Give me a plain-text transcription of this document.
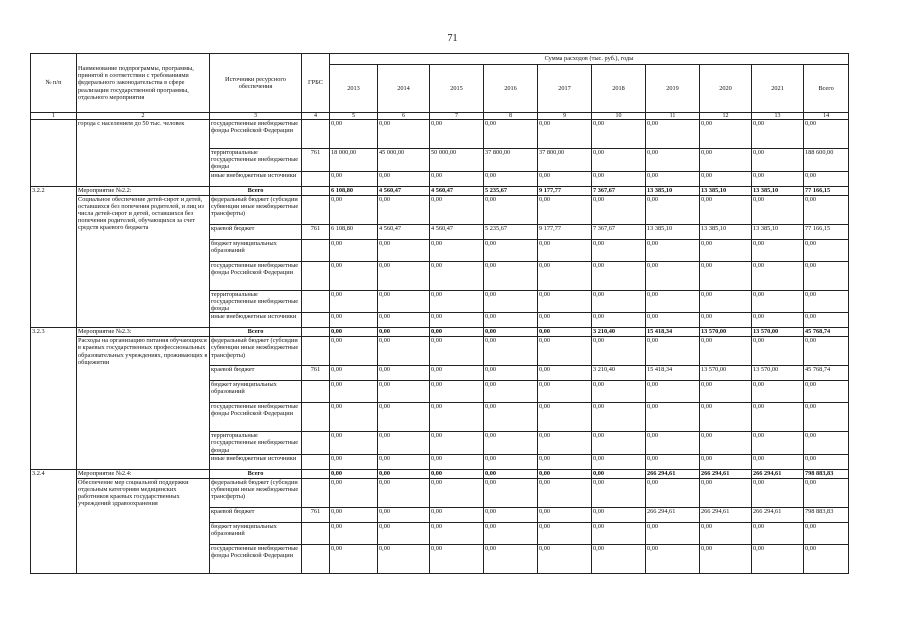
71
№ п/п	Наименование подпрограммы, программы, принятой в соответствии с требованиями федерального законодательства в сфере реализации государственной программы, отдельного мероприятия	Источники ресурсного обеспечения	ГРБС	Сумма расходов (тыс. руб.), годы									
				2013	2014	2015	2016	2017	2018	2019	2020	2021	Всего
1	2	3	4	5	6	7	8	9	10	11	12	13	14
	города с населением до 50 тыс. человек	государственные внебюджетные фонды Российской Федерации		0,00	0,00	0,00	0,00	0,00	0,00	0,00	0,00	0,00	0,00
		территориальные государственные внебюджетные фонды	761	18 000,00	45 000,00	50 000,00	37 800,00	37 800,00	0,00	0,00	0,00	0,00	188 600,00
		иные внебюджетные источники		0,00	0,00	0,00	0,00	0,00	0,00	0,00	0,00	0,00	0,00
3.2.2	Мероприятие №2.2:	Всего		6 108,80	4 560,47	4 560,47	5 235,67	9 177,77	7 367,67	13 385,10	13 385,10	13 385,10	77 166,15
	Социальное обеспечение детей-сирот и детей, оставшихся без попечения родителей, и лиц из числа детей-сирот и детей, оставшихся без попечения родителей, обучающихся за счет средств краевого бюджета	федеральный бюджет (субсидии субвенции иные межбюджетные трансферты)		0,00	0,00	0,00	0,00	0,00	0,00	0,00	0,00	0,00	0,00
		краевой бюджет	761	6 108,80	4 560,47	4 560,47	5 235,67	9 177,77	7 367,67	13 385,10	13 385,10	13 385,10	77 166,15
		бюджет муниципальных образований		0,00	0,00	0,00	0,00	0,00	0,00	0,00	0,00	0,00	0,00
		государственные внебюджетные фонды Российской Федерации		0,00	0,00	0,00	0,00	0,00	0,00	0,00	0,00	0,00	0,00
		территориальные государственные внебюджетные фонды		0,00	0,00	0,00	0,00	0,00	0,00	0,00	0,00	0,00	0,00
		иные внебюджетные источники		0,00	0,00	0,00	0,00	0,00	0,00	0,00	0,00	0,00	0,00
3.2.3	Мероприятие №2.3:	Всего		0,00	0,00	0,00	0,00	0,00	3 210,40	15 418,34	13 570,00	13 570,00	45 768,74
	Расходы на организацию питания обучающихся в краевых государственных профессиональных образовательных учреждениях, проживающих в общежитии	федеральный бюджет (субсидии субвенции иные межбюджетные трансферты)		0,00	0,00	0,00	0,00	0,00	0,00	0,00	0,00	0,00	0,00
		краевой бюджет	761	0,00	0,00	0,00	0,00	0,00	3 210,40	15 418,34	13 570,00	13 570,00	45 768,74
		бюджет муниципальных образований		0,00	0,00	0,00	0,00	0,00	0,00	0,00	0,00	0,00	0,00
		государственные внебюджетные фонды Российской Федерации		0,00	0,00	0,00	0,00	0,00	0,00	0,00	0,00	0,00	0,00
		территориальные государственные внебюджетные фонды		0,00	0,00	0,00	0,00	0,00	0,00	0,00	0,00	0,00	0,00
		иные внебюджетные источники		0,00	0,00	0,00	0,00	0,00	0,00	0,00	0,00	0,00	0,00
3.2.4	Мероприятие №2.4:	Всего		0,00	0,00	0,00	0,00	0,00	0,00	266 294,61	266 294,61	266 294,61	798 883,83
	Обеспечение мер социальной поддержки отдельным категориям медицинских работников краевых государственных учреждений здравоохранения	федеральный бюджет (субсидии субвенции иные межбюджетные трансферты)		0,00	0,00	0,00	0,00	0,00	0,00	0,00	0,00	0,00	0,00
		краевой бюджет	761	0,00	0,00	0,00	0,00	0,00	0,00	266 294,61	266 294,61	266 294,61	798 883,83
		бюджет муниципальных образований		0,00	0,00	0,00	0,00	0,00	0,00	0,00	0,00	0,00	0,00
		государственные внебюджетные фонды Российской Федерации		0,00	0,00	0,00	0,00	0,00	0,00	0,00	0,00	0,00	0,00
